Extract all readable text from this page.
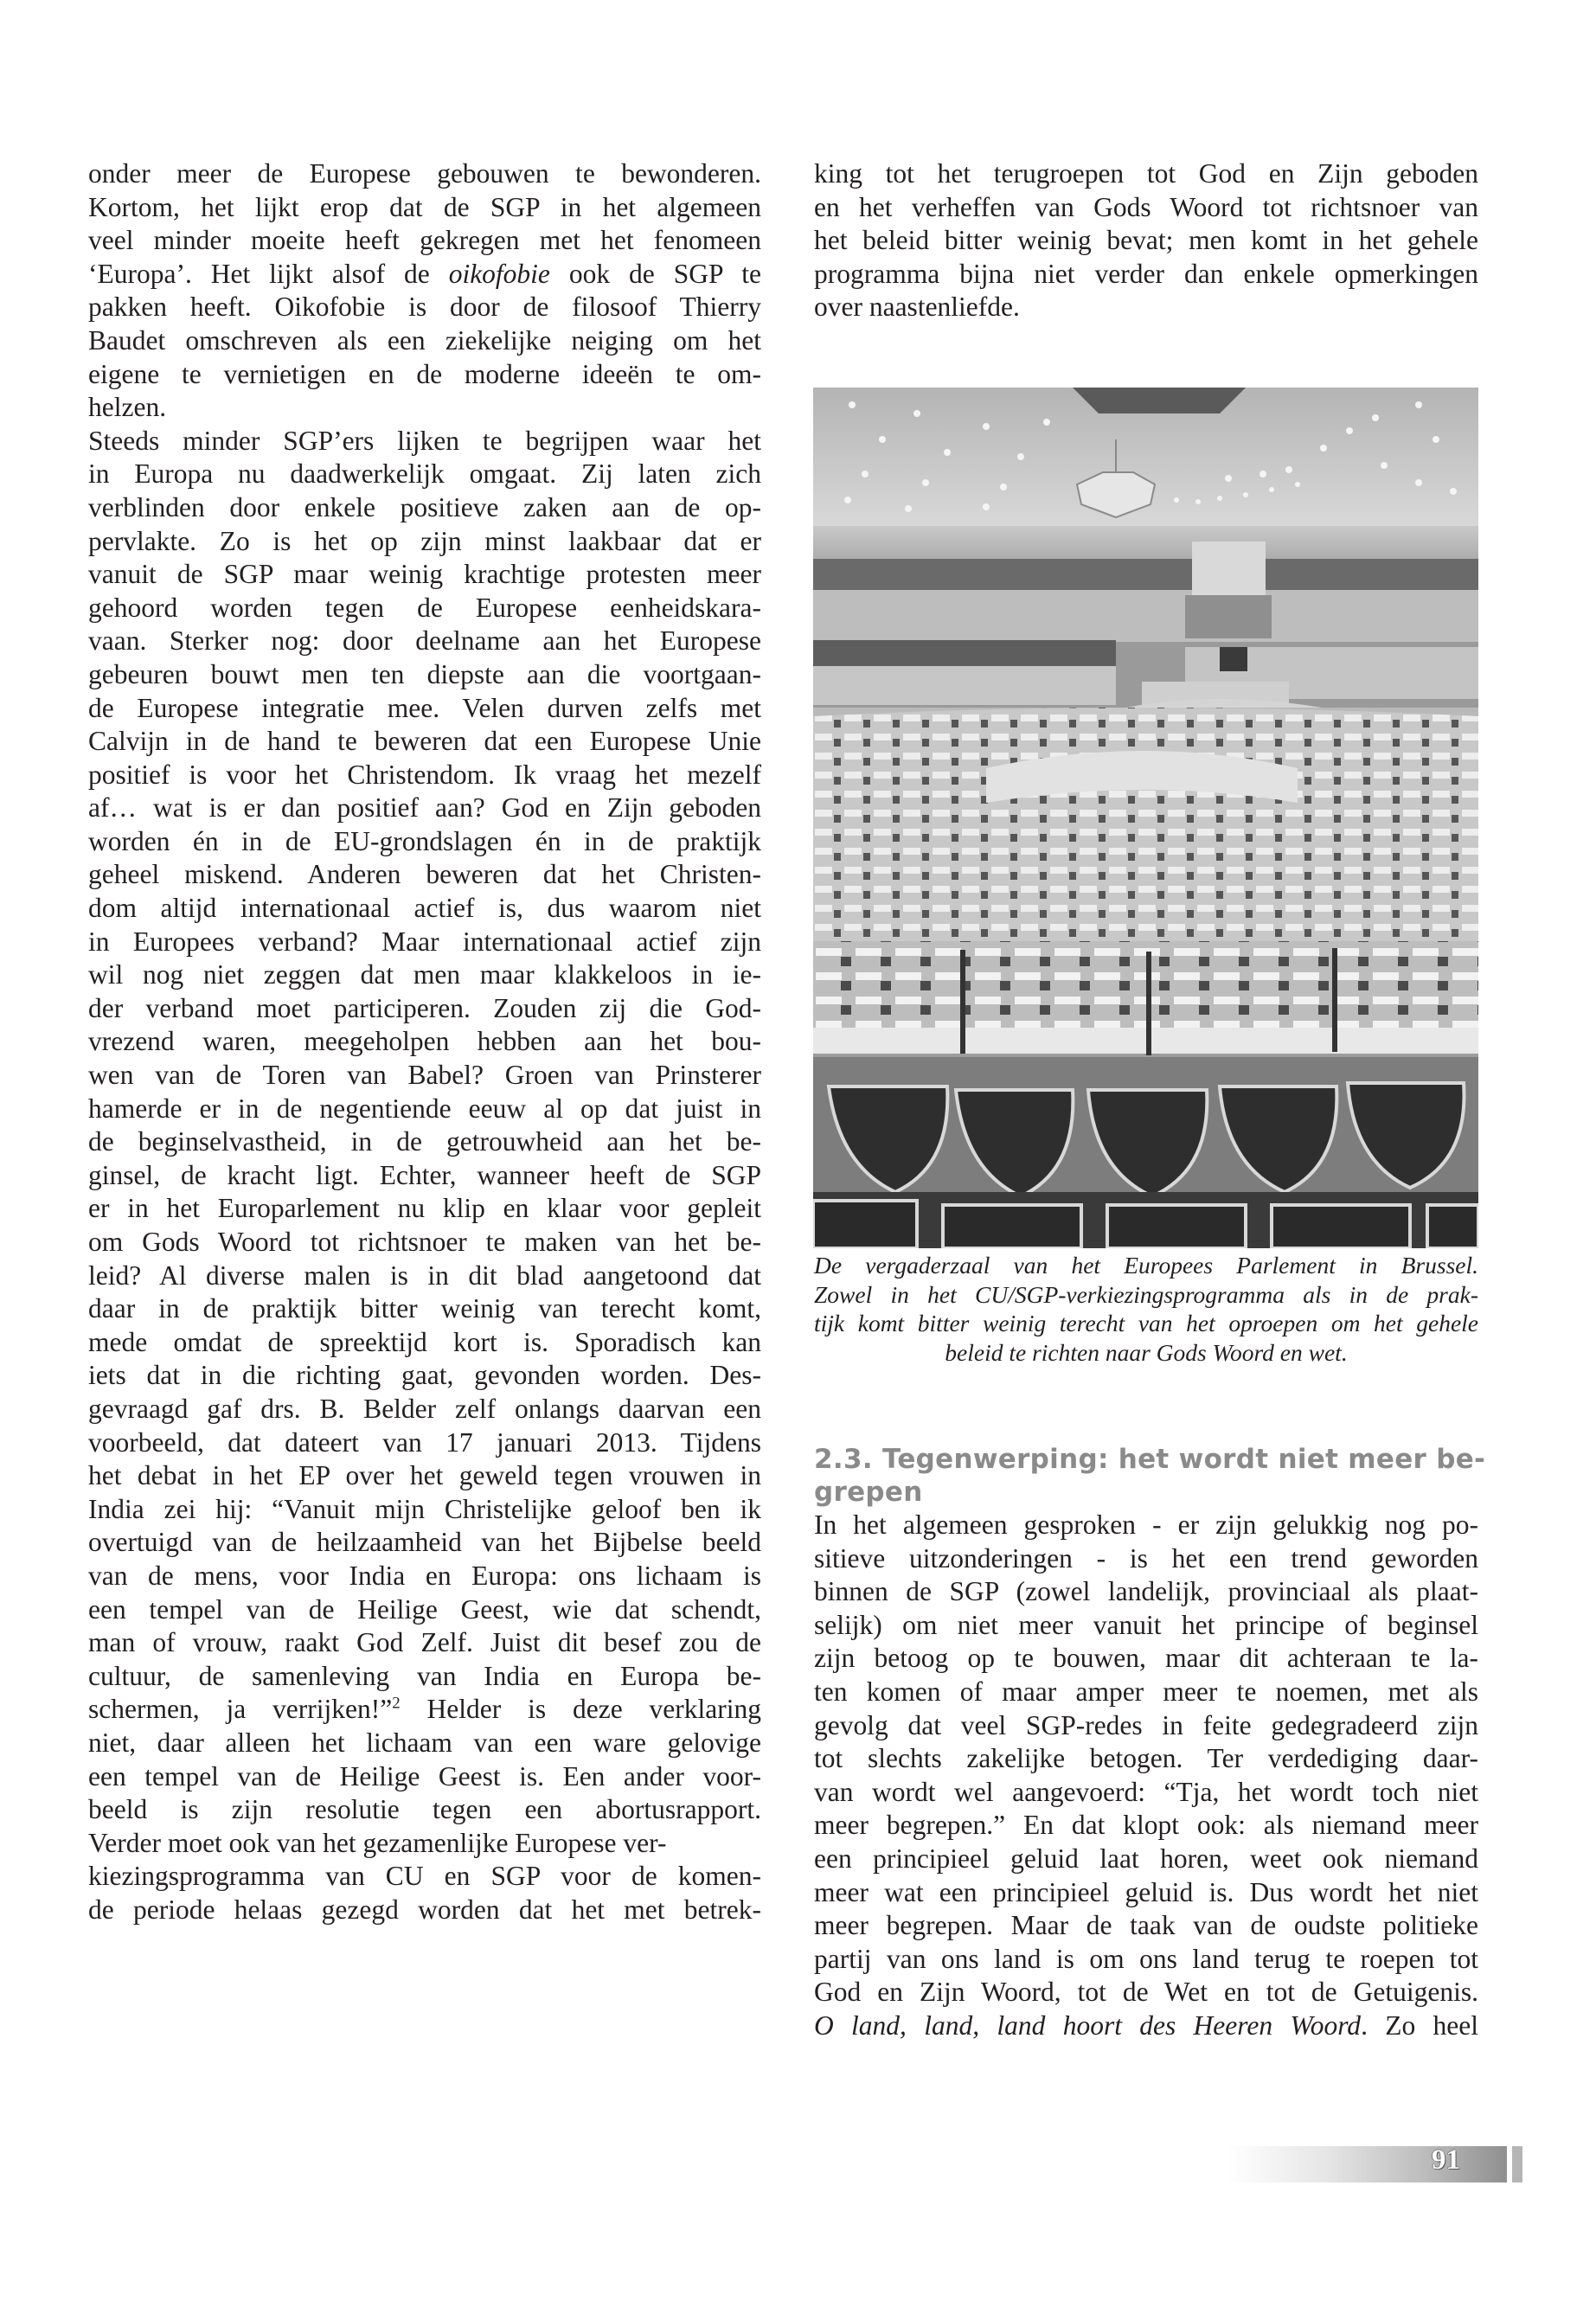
onder meer de Europese gebouwen te bewonderen.
Kortom, het lijkt erop dat de SGP in het algemeen
veel minder moeite heeft gekregen met het fenomeen
‘Europa’. Het lijkt alsof de oikofobie ook de SGP te
pakken heeft. Oikofobie is door de filosoof Thierry
Baudet omschreven als een ziekelijke neiging om het
eigene te vernietigen en de moderne ideeën te om-
helzen.
Steeds minder SGP’ers lijken te begrijpen waar het
in Europa nu daadwerkelijk omgaat. Zij laten zich
verblinden door enkele positieve zaken aan de op-
pervlakte. Zo is het op zijn minst laakbaar dat er
vanuit de SGP maar weinig krachtige protesten meer
gehoord worden tegen de Europese eenheidskara-
vaan. Sterker nog: door deelname aan het Europese
gebeuren bouwt men ten diepste aan die voortgaan-
de Europese integratie mee. Velen durven zelfs met
Calvijn in de hand te beweren dat een Europese Unie
positief is voor het Christendom. Ik vraag het mezelf
af… wat is er dan positief aan? God en Zijn geboden
worden én in de EU-grondslagen én in de praktijk
geheel miskend. Anderen beweren dat het Christen-
dom altijd internationaal actief is, dus waarom niet
in Europees verband? Maar internationaal actief zijn
wil nog niet zeggen dat men maar klakkeloos in ie-
der verband moet participeren. Zouden zij die God-
vrezend waren, meegeholpen hebben aan het bou-
wen van de Toren van Babel? Groen van Prinsterer
hamerde er in de negentiende eeuw al op dat juist in
de beginselvastheid, in de getrouwheid aan het be-
ginsel, de kracht ligt. Echter, wanneer heeft de SGP
er in het Europarlement nu klip en klaar voor gepleit
om Gods Woord tot richtsnoer te maken van het be-
leid? Al diverse malen is in dit blad aangetoond dat
daar in de praktijk bitter weinig van terecht komt,
mede omdat de spreektijd kort is. Sporadisch kan
iets dat in die richting gaat, gevonden worden. Des-
gevraagd gaf drs. B. Belder zelf onlangs daarvan een
voorbeeld, dat dateert van 17 januari 2013. Tijdens
het debat in het EP over het geweld tegen vrouwen in
India zei hij: “Vanuit mijn Christelijke geloof ben ik
overtuigd van de heilzaamheid van het Bijbelse beeld
van de mens, voor India en Europa: ons lichaam is
een tempel van de Heilige Geest, wie dat schendt,
man of vrouw, raakt God Zelf. Juist dit besef zou de
cultuur, de samenleving van India en Europa be-
schermen, ja verrijken!”$^2$ Helder is deze verklaring
niet, daar alleen het lichaam van een ware gelovige
een tempel van de Heilige Geest is. Een ander voor-
beeld is zijn resolutie tegen een abortusrapport.
Verder moet ook van het gezamenlijke Europese ver-
kiezingsprogramma van CU en SGP voor de komen-
de periode helaas gezegd worden dat het met betrek-
king tot het terugroepen tot God en Zijn geboden
en het verheffen van Gods Woord tot richtsnoer van
het beleid bitter weinig bevat; men komt in het gehele
programma bijna niet verder dan enkele opmerkingen
over naastenliefde.
De vergaderzaal van het Europees Parlement in Brussel.
Zowel in het CU/SGP-verkiezingsprogramma als in de prak-
tijk komt bitter weinig terecht van het oproepen om het gehele
beleid te richten naar Gods Woord en wet.
2.3. Tegenwerping: het wordt niet meer be-
grepen
In het algemeen gesproken - er zijn gelukkig nog po-
sitieve uitzonderingen - is het een trend geworden
binnen de SGP (zowel landelijk, provinciaal als plaat-
selijk) om niet meer vanuit het principe of beginsel
zijn betoog op te bouwen, maar dit achteraan te la-
ten komen of maar amper meer te noemen, met als
gevolg dat veel SGP-redes in feite gedegradeerd zijn
tot slechts zakelijke betogen. Ter verdediging daar-
van wordt wel aangevoerd: “Tja, het wordt toch niet
meer begrepen.” En dat klopt ook: als niemand meer
een principieel geluid laat horen, weet ook niemand
meer wat een principieel geluid is. Dus wordt het niet
meer begrepen. Maar de taak van de oudste politieke
partij van ons land is om ons land terug te roepen tot
God en Zijn Woord, tot de Wet en tot de Getuigenis.
O land, land, land hoort des Heeren Woord. Zo heel
91
